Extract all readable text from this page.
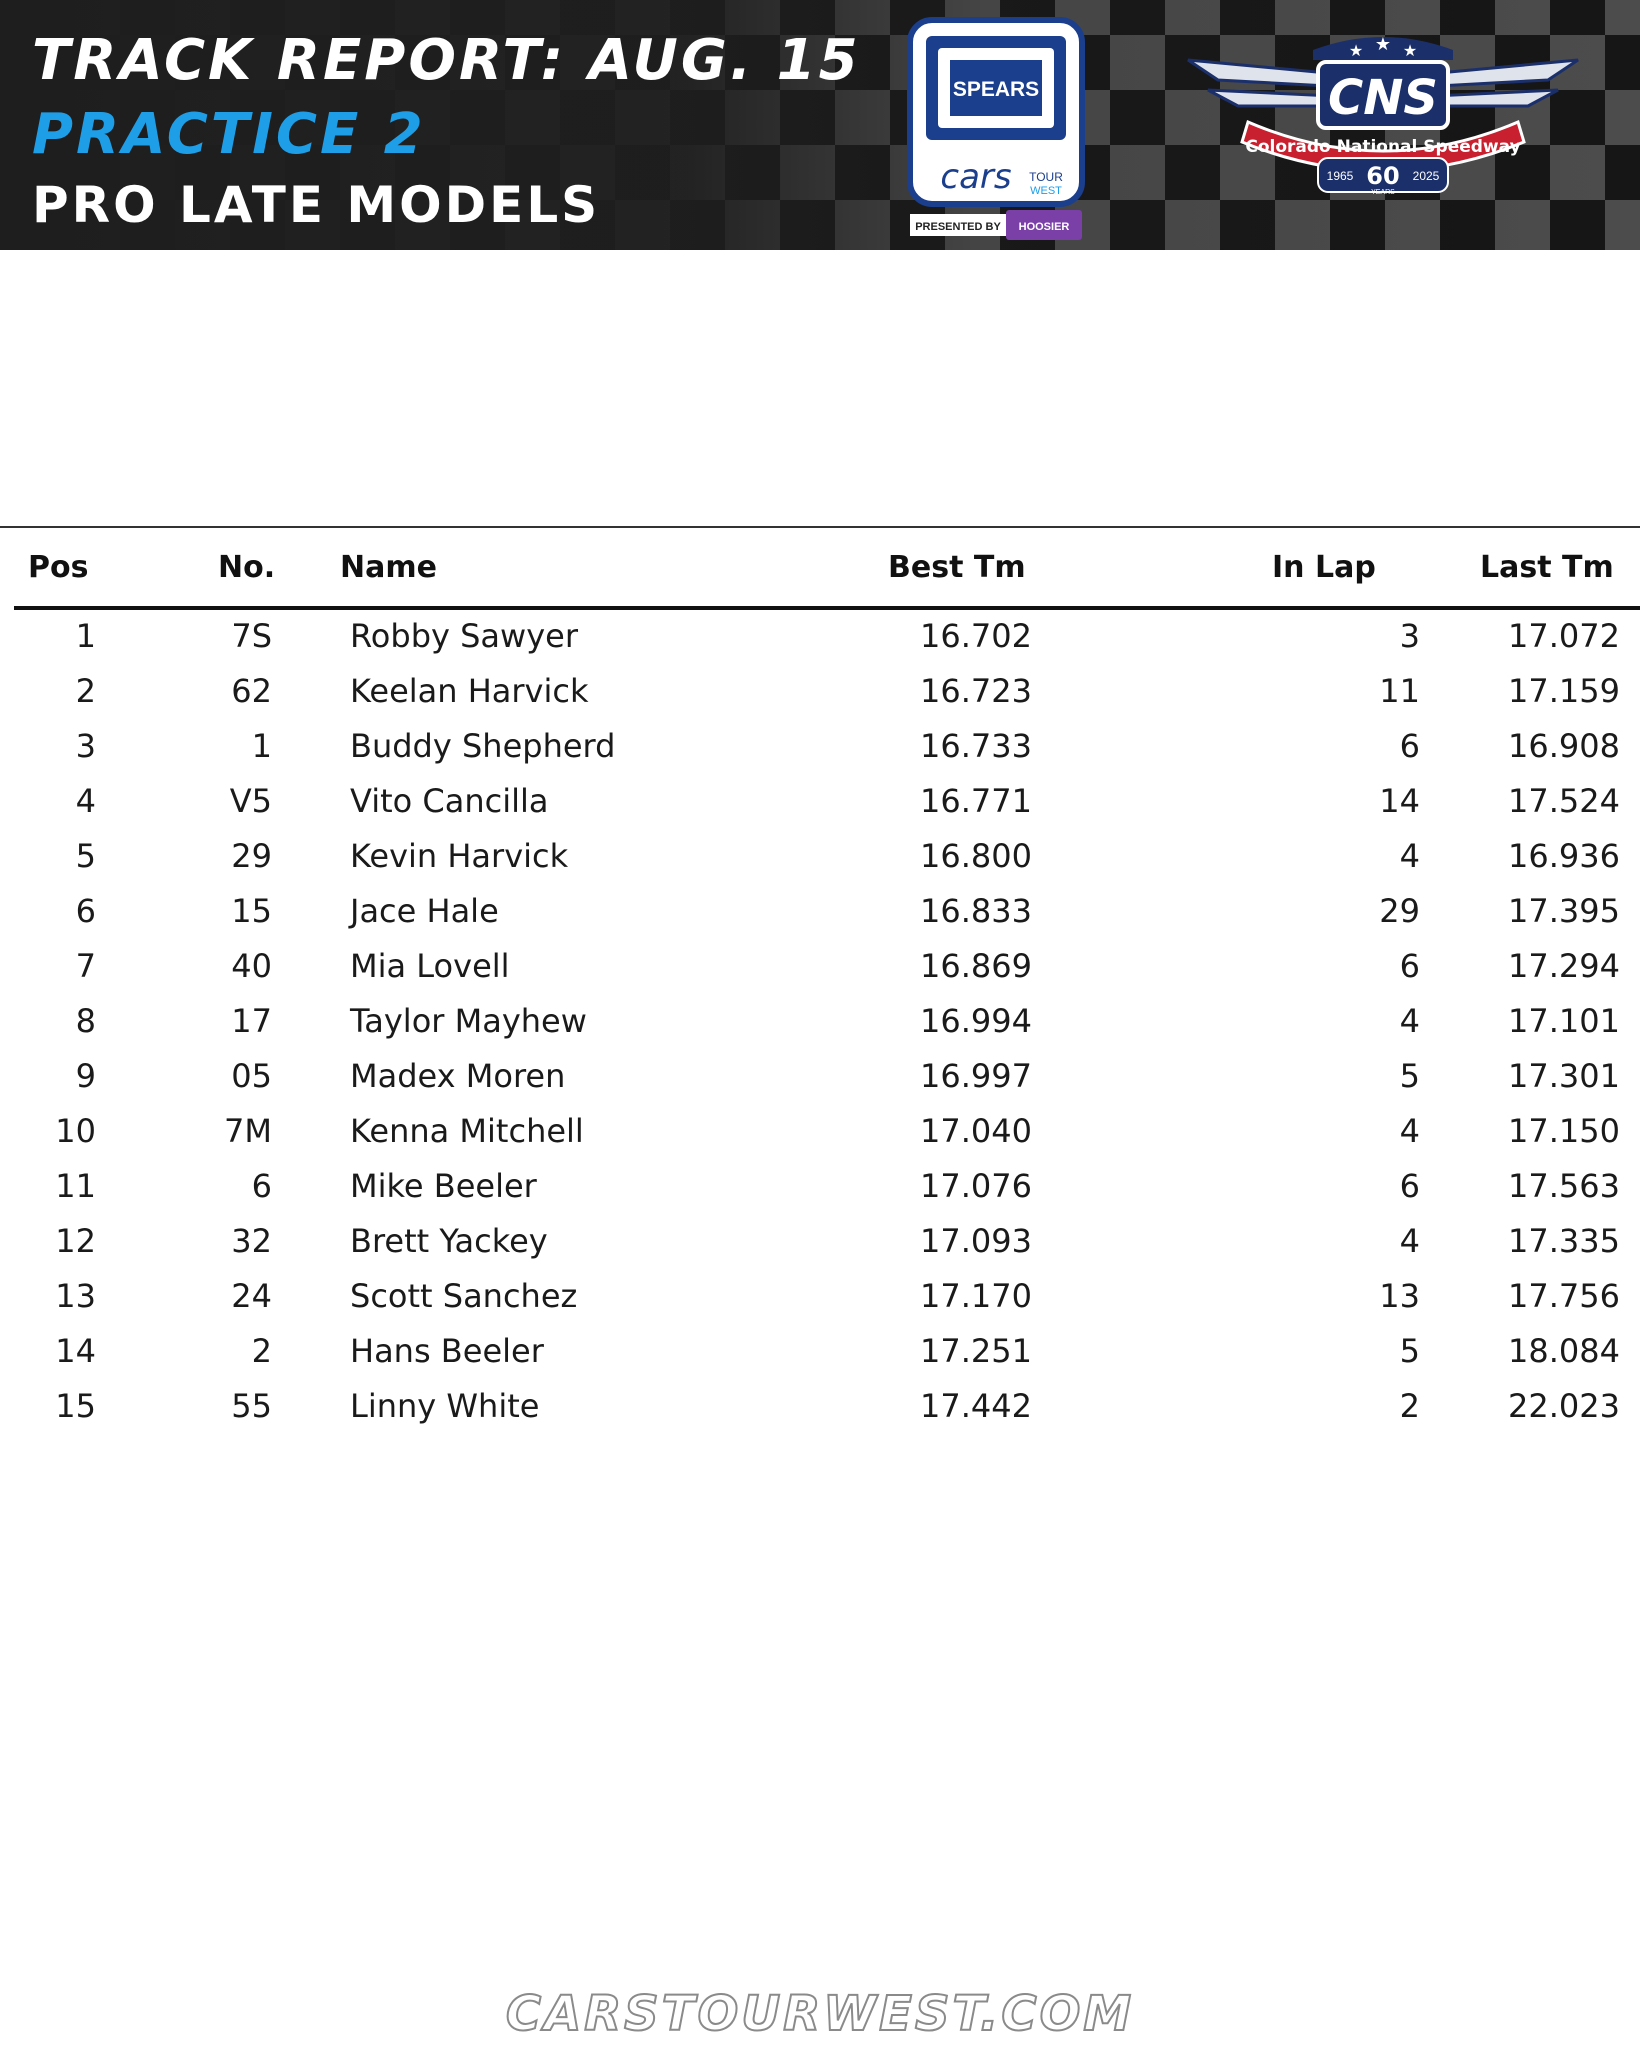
TRACK REPORT: AUG. 15
PRACTICE 2
PRO LATE MODELS
SPEARS
cars TOUR
WEST
PRESENTED BY HOOSIER
★ ★ ★
CNS
Colorado National Speedway
1965 60
YEARS
2025
Pos	No. Name	Best Tm	In Lap	Last Tm
1	7S Robby Sawyer	16.702	3	17.072
2	62 Keelan Harvick	16.723	11	17.159
3	1 Buddy Shepherd	16.733	6	16.908
4	V5 Vito Cancilla	16.771	14	17.524
5	29 Kevin Harvick	16.800	4	16.936
6	15 Jace Hale	16.833	29	17.395
7	40 Mia Lovell	16.869	6	17.294
8	17 Taylor Mayhew	16.994	4	17.101
9	05 Madex Moren	16.997	5	17.301
10	7M Kenna Mitchell	17.040	4	17.150
11	6 Mike Beeler	17.076	6	17.563
12	32 Brett Yackey	17.093	4	17.335
13	24 Scott Sanchez	17.170	13	17.756
14	2 Hans Beeler	17.251	5	18.084
15	55 Linny White	17.442	2	22.023
CARSTOURWEST.COM
